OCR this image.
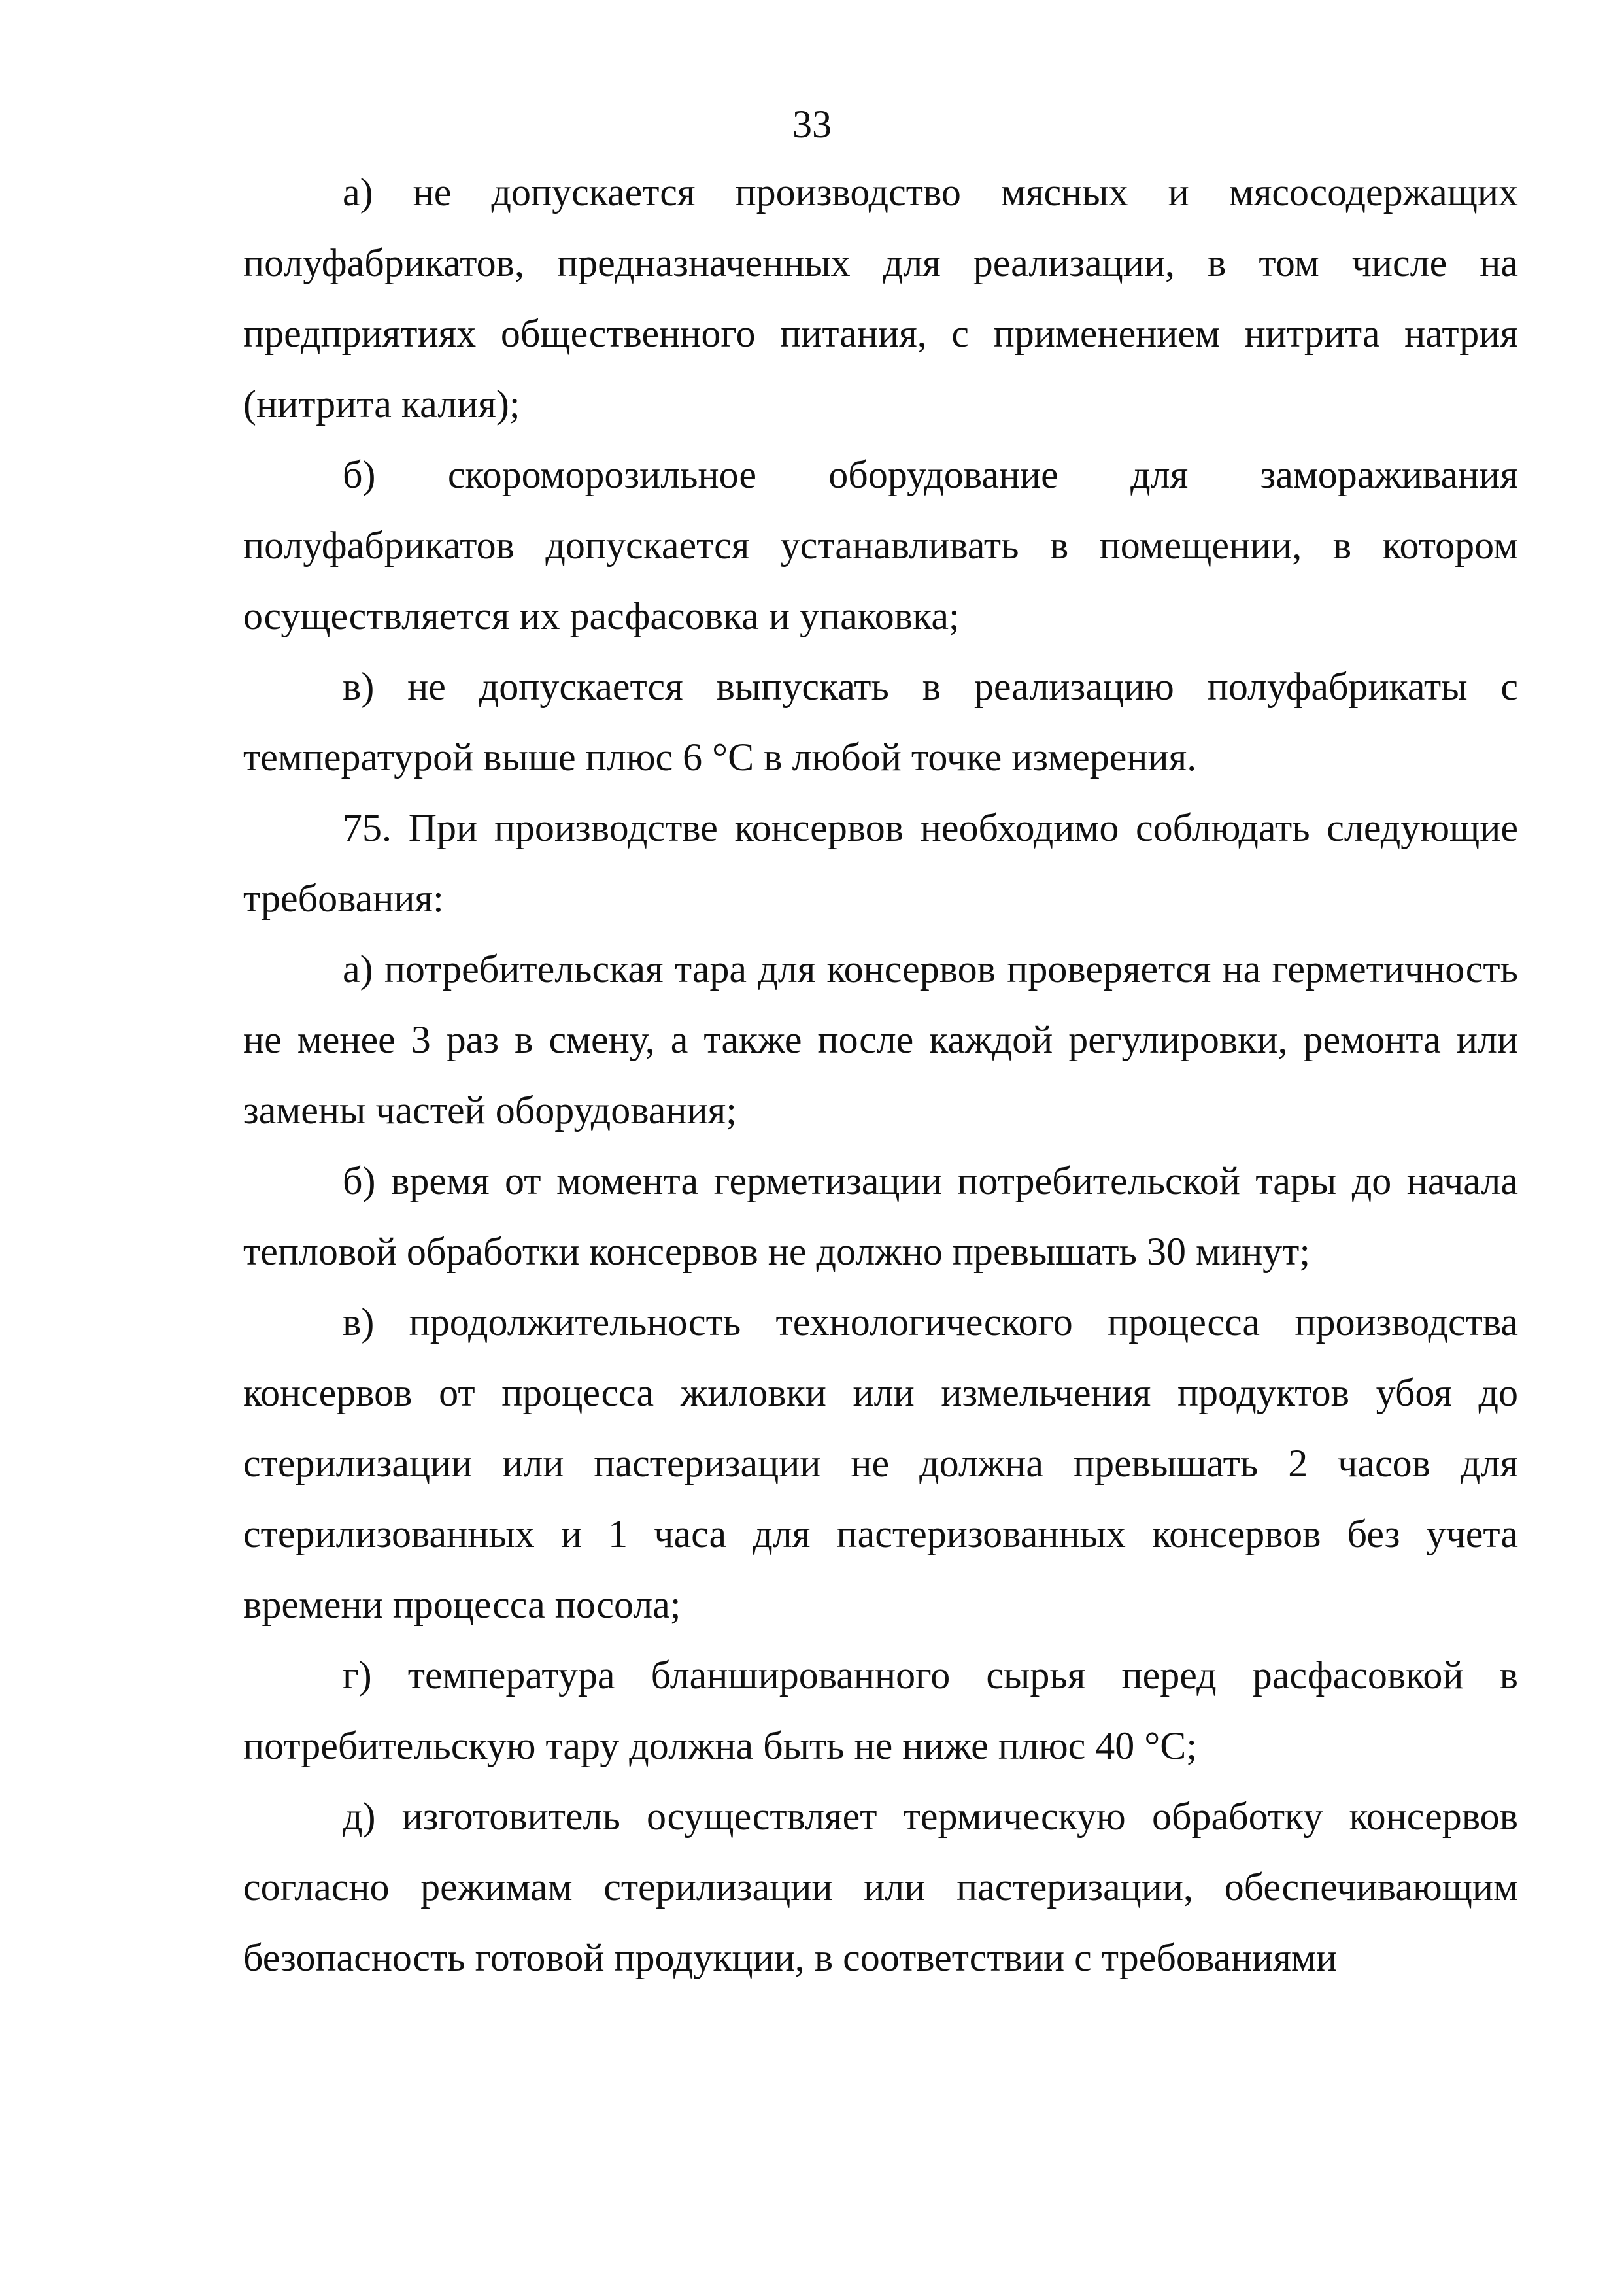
33

а) не допускается производство мясных и мясосодержащих полуфабрикатов, предназначенных для реализации, в том числе на предприятиях общественного питания, с применением нитрита натрия (нитрита калия);

б) скороморозильное оборудование для замораживания полуфабрикатов допускается устанавливать в помещении, в котором осуществляется их расфасовка и упаковка;

в) не допускается выпускать в реализацию полуфабрикаты с температурой выше плюс 6 °С в любой точке измерения.

75. При производстве консервов необходимо соблюдать следующие требования:

а) потребительская тара для консервов проверяется на герметичность не менее 3 раз в смену, а также после каждой регулировки, ремонта или замены частей оборудования;

б) время от момента герметизации потребительской тары до начала тепловой обработки консервов не должно превышать 30 минут;

в) продолжительность технологического процесса производства консервов от процесса жиловки или измельчения продуктов убоя до стерилизации или пастеризации не должна превышать 2 часов для стерилизованных и 1 часа для пастеризованных консервов без учета времени процесса посола;

г) температура бланшированного сырья перед расфасовкой в потребительскую тару должна быть не ниже плюс 40 °С;

д) изготовитель осуществляет термическую обработку консервов согласно режимам стерилизации или пастеризации, обеспечивающим безопасность готовой продукции, в соответствии с требованиями
